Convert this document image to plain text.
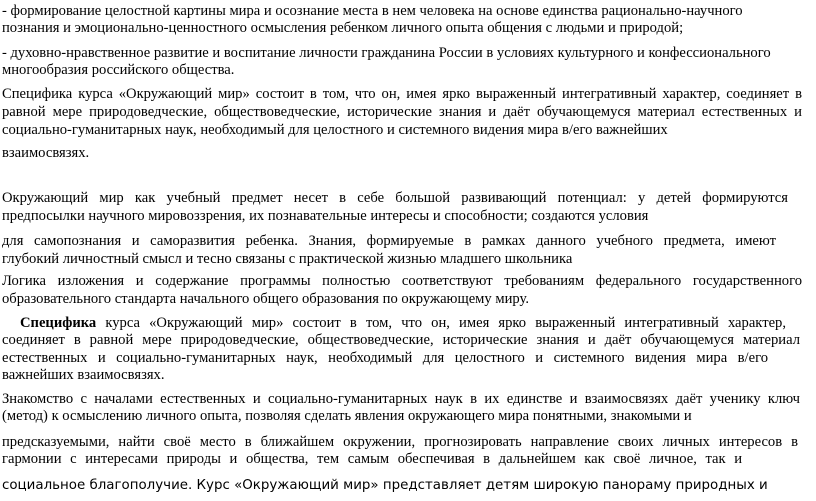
- формирование целостной картины мира и осознание места в нем человека на основе единства рационально-научного
познания и эмоционально-ценностного осмысления ребенком личного опыта общения с людьми и природой;
- духовно-нравственное развитие и воспитание личности гражданина России в условиях культурного и конфессионального
многообразия российского общества.
Специфика курса «Окружающий мир» состоит в том, что он, имея ярко выраженный интегративный характер, соединяет в
равной мере природоведческие, обществоведческие, исторические знания и даёт обучающемуся материал естественных и
социально-гуманитарных наук, необходимый для целостного и системного видения мира в/его важнейших
взаимосвязях.
Окружающий мир как учебный предмет несет в себе большой развивающий потенциал: у детей формируются
предпосылки научного мировоззрения, их познавательные интересы и способности; создаются условия
для самопознания и саморазвития ребенка. Знания, формируемые в рамках данного учебного предмета, имеют
глубокий личностный смысл и тесно связаны с практической жизнью младшего школьника
Логика изложения и содержание программы полностью соответствуют требованиям федерального государственного
образовательного стандарта начального общего образования по окружающему миру.
Специфика курса «Окружающий мир» состоит в том, что он, имея ярко выраженный интегративный характер,
соединяет в равной мере природоведческие, обществоведческие, исторические знания и даёт обучающемуся материал
естественных и социально-гуманитарных наук, необходимый для целостного и системного видения мира в/его
важнейших взаимосвязях.
Знакомство с началами естественных и социально-гуманитарных наук в их единстве и взаимосвязях даёт ученику ключ
(метод) к осмыслению личного опыта, позволяя сделать явления окружающего мира понятными, знакомыми и
предсказуемыми, найти своё место в ближайшем окружении, прогнозировать направление своих личных интересов в
гармонии с интересами природы и общества, тем самым обеспечивая в дальнейшем как своё личное, так и
социальное благополучие. Курс «Окружающий мир» представляет детям широкую панораму природных и
